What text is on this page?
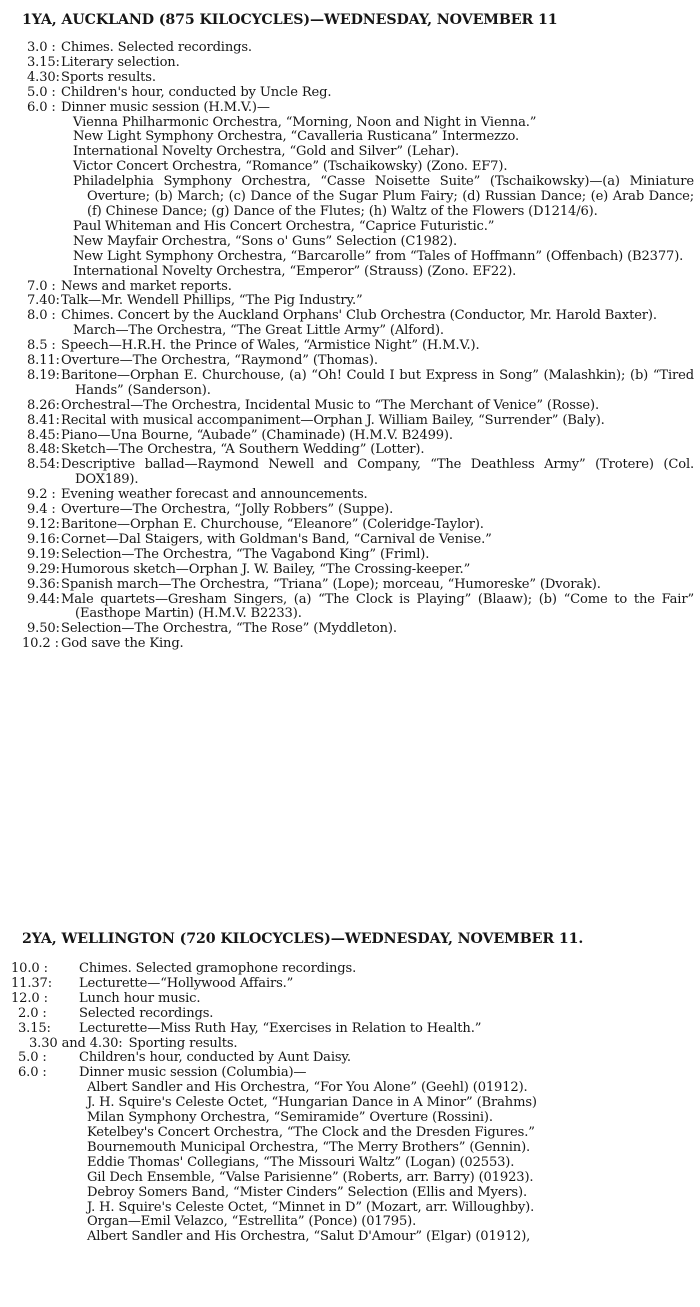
1YA, AUCKLAND (875 KILOCYCLES)—WEDNESDAY, NOVEMBER 11
3.0 : Chimes. Selected recordings.
3.15: Literary selection.
4.30: Sports results.
5.0 : Children's hour, conducted by Uncle Reg.
6.0 : Dinner music session (H.M.V.)—
Vienna Philharmonic Orchestra, “Morning, Noon and Night in Vienna.”
New Light Symphony Orchestra, “Cavalleria Rusticana” Intermezzo.
International Novelty Orchestra, “Gold and Silver” (Lehar).
Victor Concert Orchestra, “Romance” (Tschaikowsky) (Zono. EF7).
Philadelphia Symphony Orchestra, “Casse Noisette Suite” (Tschaikowsky)—(a) Miniature Overture; (b) March; (c) Dance of the Sugar Plum Fairy; (d) Russian Dance; (e) Arab Dance; (f) Chinese Dance; (g) Dance of the Flutes; (h) Waltz of the Flowers (D1214/6).
Paul Whiteman and His Concert Orchestra, “Caprice Futuristic.”
New Mayfair Orchestra, “Sons o' Guns” Selection (C1982).
New Light Symphony Orchestra, “Barcarolle” from “Tales of Hoffmann” (Offenbach) (B2377).
International Novelty Orchestra, “Emperor” (Strauss) (Zono. EF22).
7.0 : News and market reports.
7.40: Talk—Mr. Wendell Phillips, “The Pig Industry.”
8.0 : Chimes. Concert by the Auckland Orphans' Club Orchestra (Conductor, Mr. Harold Baxter).
March—The Orchestra, “The Great Little Army” (Alford).
8.5 : Speech—H.R.H. the Prince of Wales, “Armistice Night” (H.M.V.).
8.11: Overture—The Orchestra, “Raymond” (Thomas).
8.19: Baritone—Orphan E. Churchouse, (a) “Oh! Could I but Express in Song” (Malashkin); (b) “Tired Hands” (Sanderson).
8.26: Orchestral—The Orchestra, Incidental Music to “The Merchant of Venice” (Rosse).
8.41: Recital with musical accompaniment—Orphan J. William Bailey, “Surrender” (Baly).
8.45: Piano—Una Bourne, “Aubade” (Chaminade) (H.M.V. B2499).
8.48: Sketch—The Orchestra, “A Southern Wedding” (Lotter).
8.54: Descriptive ballad—Raymond Newell and Company, “The Deathless Army” (Trotere) (Col. DOX189).
9.2 : Evening weather forecast and announcements.
9.4 : Overture—The Orchestra, “Jolly Robbers” (Suppe).
9.12: Baritone—Orphan E. Churchouse, “Eleanore” (Coleridge-Taylor).
9.16: Cornet—Dal Staigers, with Goldman's Band, “Carnival de Venise.”
9.19: Selection—The Orchestra, “The Vagabond King” (Friml).
9.29: Humorous sketch—Orphan J. W. Bailey, “The Crossing-keeper.”
9.36: Spanish march—The Orchestra, “Triana” (Lope); morceau, “Humoreske” (Dvorak).
9.44: Male quartets—Gresham Singers, (a) “The Clock is Playing” (Blaaw); (b) “Come to the Fair” (Easthope Martin) (H.M.V. B2233).
9.50: Selection—The Orchestra, “The Rose” (Myddleton).
10.2 : God save the King.
2YA, WELLINGTON (720 KILOCYCLES)—WEDNESDAY, NOVEMBER 11.
10.0 : Chimes. Selected gramophone recordings.
11.37: Lecturette—“Hollywood Affairs.”
12.0 : Lunch hour music.
2.0 : Selected recordings.
3.15: Lecturette—Miss Ruth Hay, “Exercises in Relation to Health.”
3.30 and 4.30: Sporting results.
5.0 : Children's hour, conducted by Aunt Daisy.
6.0 : Dinner music session (Columbia)—
Albert Sandler and His Orchestra, “For You Alone” (Geehl) (01912).
J. H. Squire's Celeste Octet, “Hungarian Dance in A Minor” (Brahms)
Milan Symphony Orchestra, “Semiramide” Overture (Rossini).
Ketelbey's Concert Orchestra, “The Clock and the Dresden Figures.”
Bournemouth Municipal Orchestra, “The Merry Brothers” (Gennin).
Eddie Thomas' Collegians, “The Missouri Waltz” (Logan) (02553).
Gil Dech Ensemble, “Valse Parisienne” (Roberts, arr. Barry) (01923).
Debroy Somers Band, “Mister Cinders” Selection (Ellis and Myers).
J. H. Squire's Celeste Octet, “Minnet in D” (Mozart, arr. Willoughby).
Organ—Emil Velazco, “Estrellita” (Ponce) (01795).
Albert Sandler and His Orchestra, “Salut D'Amour” (Elgar) (01912),
